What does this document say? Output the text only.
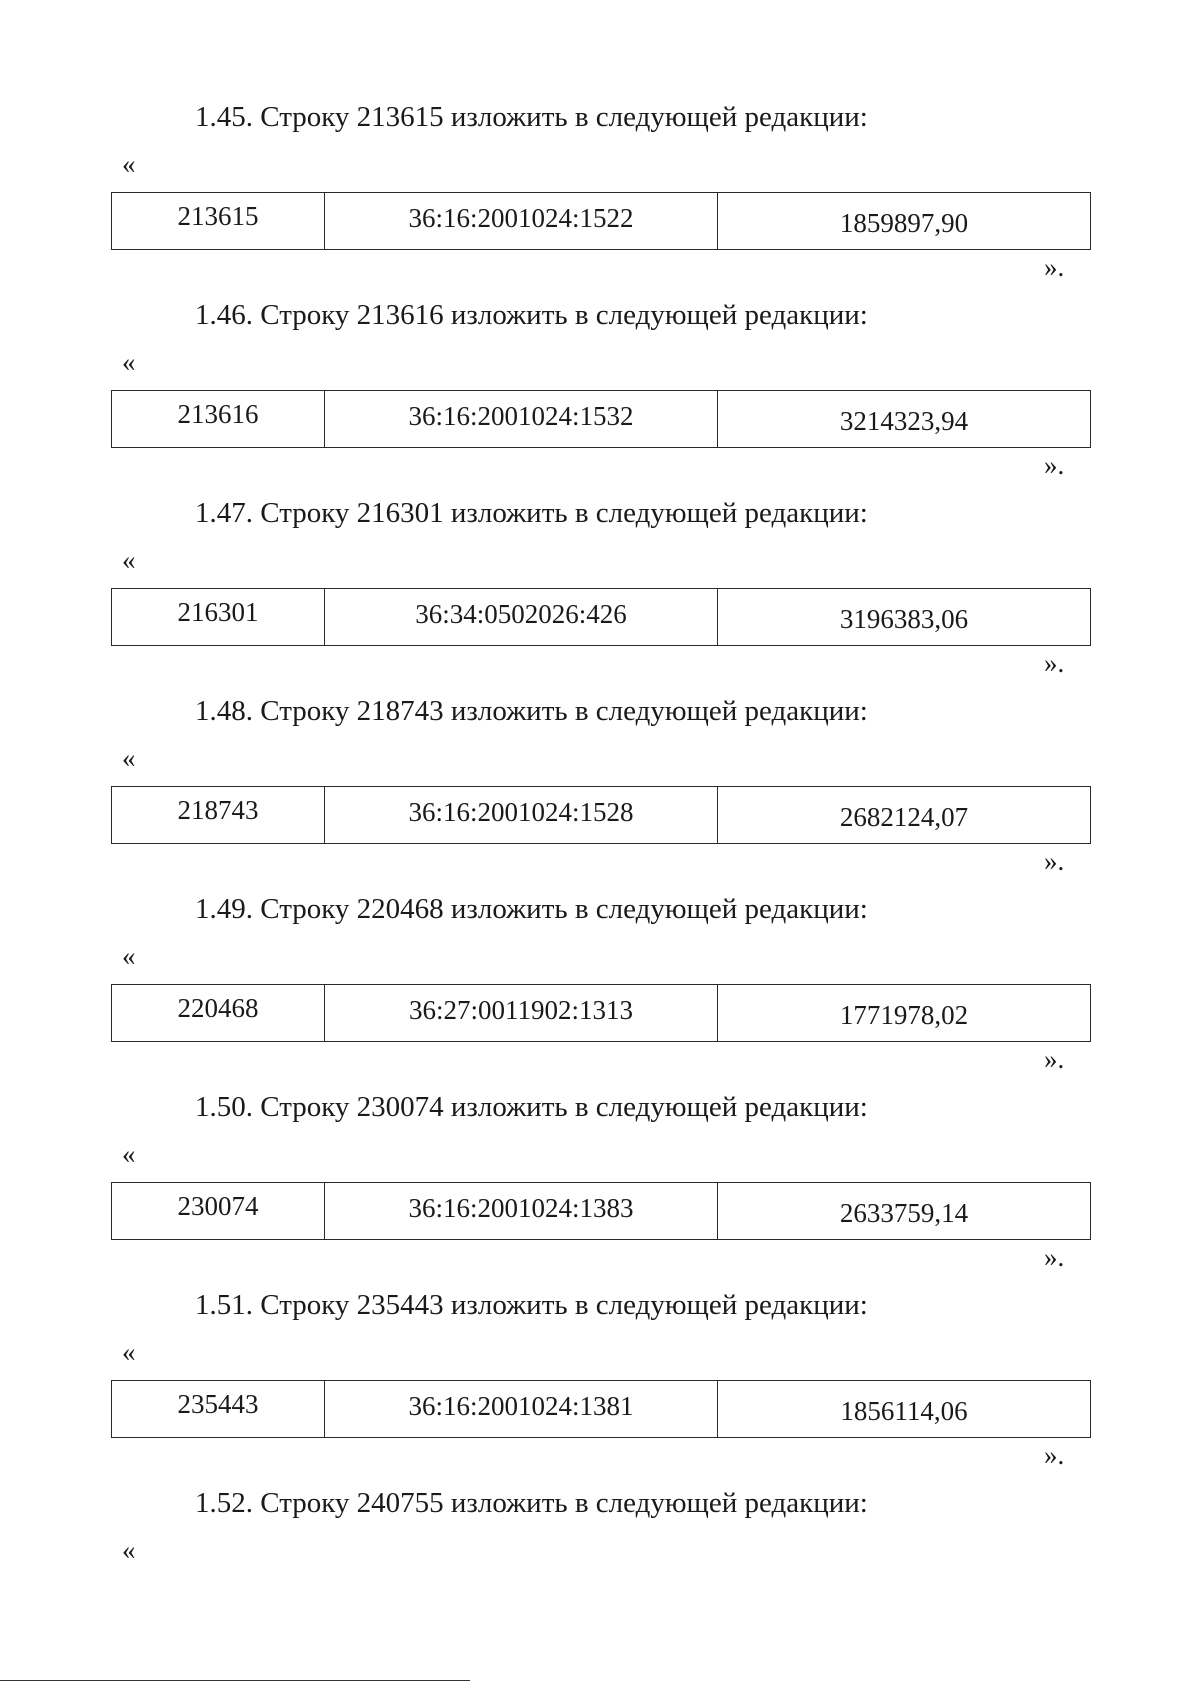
1.45. Строку 213615 изложить в следующей редакции:
«
213615	36:16:2001024:1522	1859897,90
».
1.46. Строку 213616 изложить в следующей редакции:
«
213616	36:16:2001024:1532	3214323,94
».
1.47. Строку 216301 изложить в следующей редакции:
«
216301	36:34:0502026:426	3196383,06
».
1.48. Строку 218743 изложить в следующей редакции:
«
218743	36:16:2001024:1528	2682124,07
».
1.49. Строку 220468 изложить в следующей редакции:
«
220468	36:27:0011902:1313	1771978,02
».
1.50. Строку 230074 изложить в следующей редакции:
«
230074	36:16:2001024:1383	2633759,14
».
1.51. Строку 235443 изложить в следующей редакции:
«
235443	36:16:2001024:1381	1856114,06
».
1.52. Строку 240755 изложить в следующей редакции:
«
